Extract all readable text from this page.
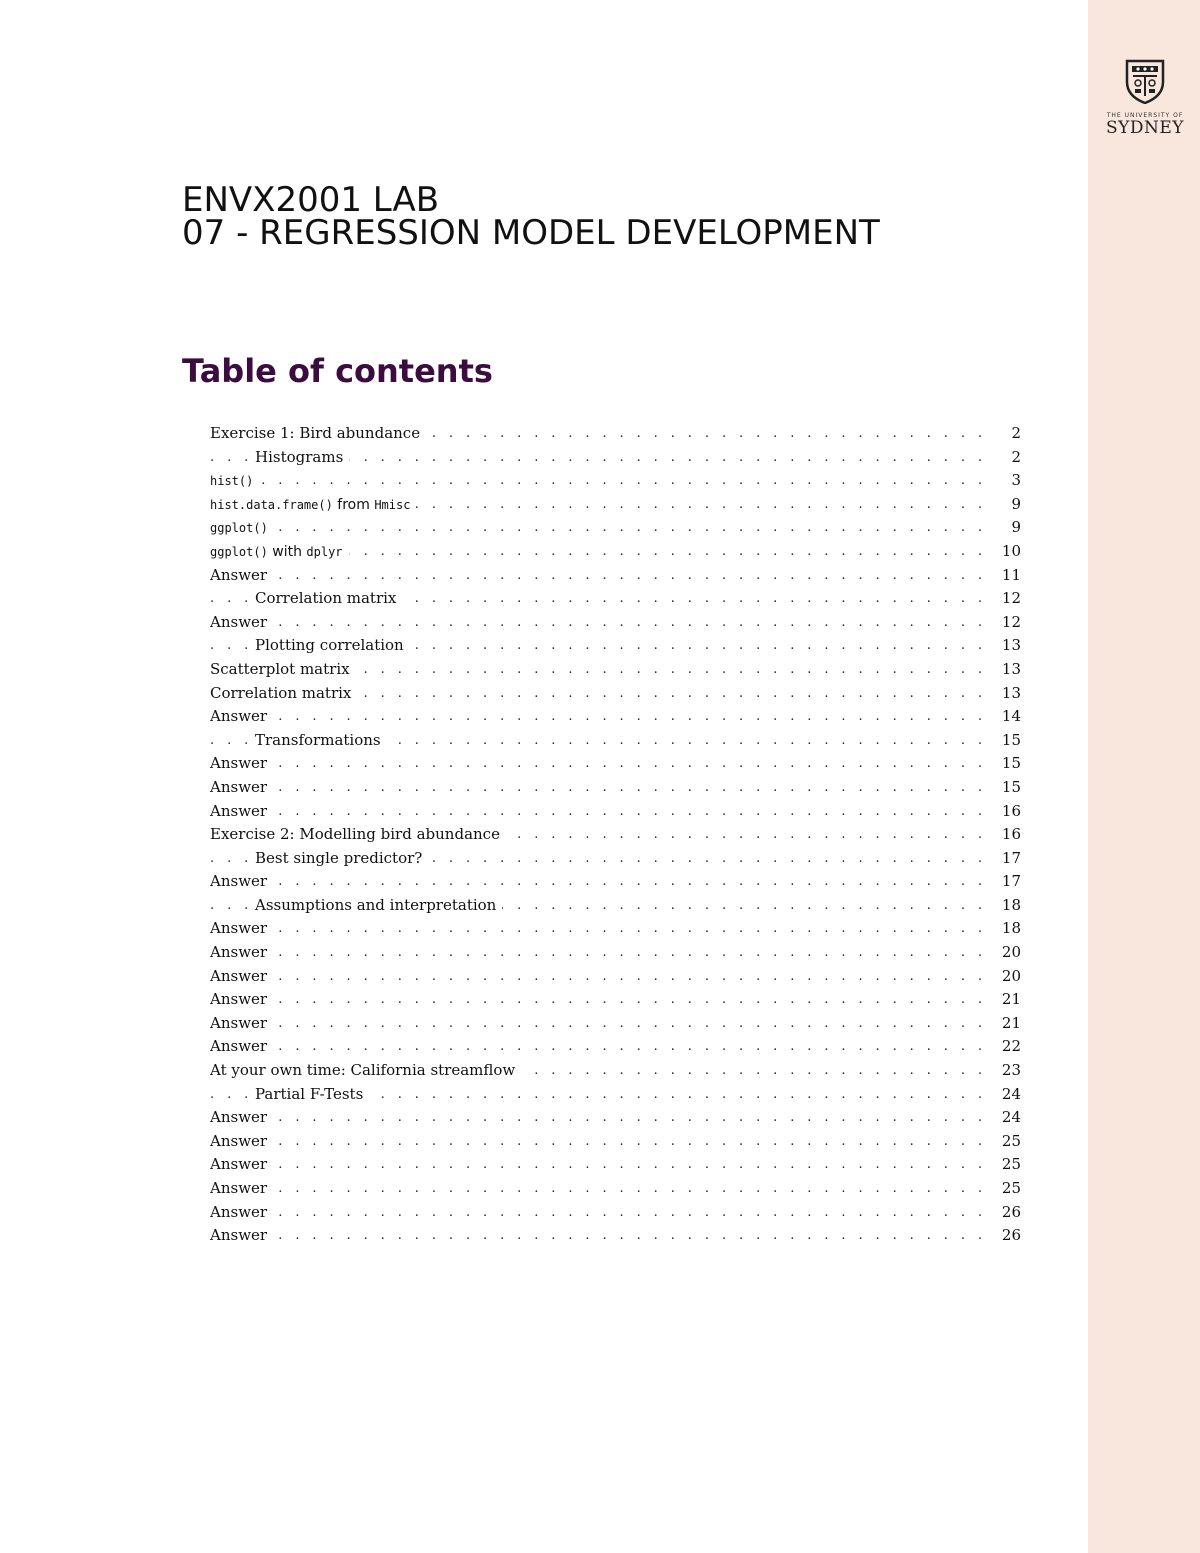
THE UNIVERSITY OF
SYDNEY
ENVX2001 LAB
07 - REGRESSION MODEL DEVELOPMENT
Table of contents
. . . Exercise 1: Bird abundance	2
. . . Histograms	2
. . . hist()	3
. . . hist.data.frame() from Hmisc	9
. . . ggplot()	9
. . . ggplot() with dplyr	10
. . . Answer	11
. . . Correlation matrix	12
. . . Answer	12
. . . Plotting correlation	13
. . . Scatterplot matrix	13
. . . Correlation matrix	13
. . . Answer	14
. . . Transformations	15
. . . Answer	15
. . . Answer	15
. . . Answer	16
. . . Exercise 2: Modelling bird abundance	16
. . . Best single predictor?	17
. . . Answer	17
. . . Assumptions and interpretation	18
. . . Answer	18
. . . Answer	20
. . . Answer	20
. . . Answer	21
. . . Answer	21
. . . Answer	22
. . . At your own time: California streamflow	23
. . . Partial F-Tests	24
. . . Answer	24
. . . Answer	25
. . . Answer	25
. . . Answer	25
. . . Answer	26
. . . Answer	26
